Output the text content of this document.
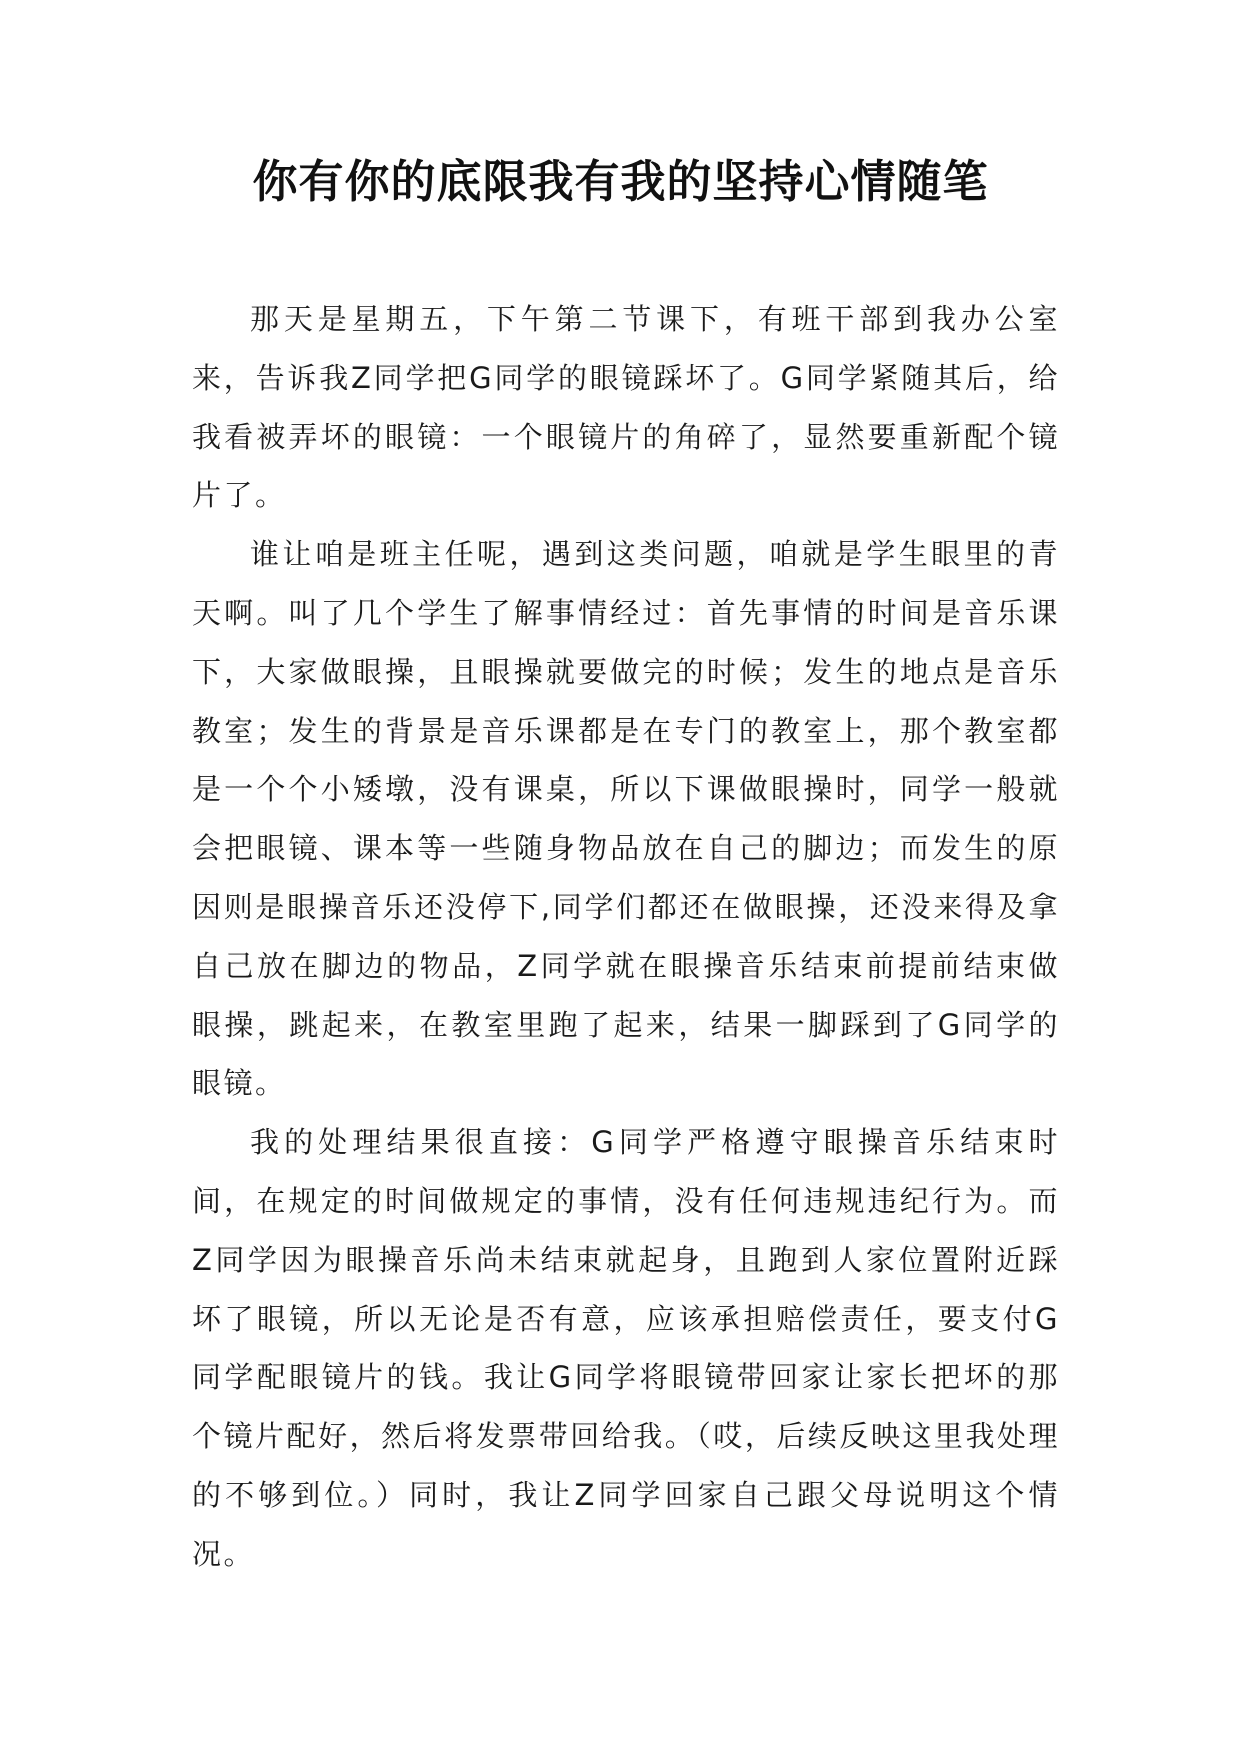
你有你的底限我有我的坚持心情随笔

那天是星期五，下午第二节课下，有班干部到我办公室来，告诉我Z同学把G同学的眼镜踩坏了。G同学紧随其后，给我看被弄坏的眼镜：一个眼镜片的角碎了，显然要重新配个镜片了。

谁让咱是班主任呢，遇到这类问题，咱就是学生眼里的青天啊。叫了几个学生了解事情经过：首先事情的时间是音乐课下，大家做眼操，且眼操就要做完的时候；发生的地点是音乐教室；发生的背景是音乐课都是在专门的教室上，那个教室都是一个个小矮墩，没有课桌，所以下课做眼操时，同学一般就会把眼镜、课本等一些随身物品放在自己的脚边；而发生的原因则是眼操音乐还没停下,同学们都还在做眼操，还没来得及拿自己放在脚边的物品，Z同学就在眼操音乐结束前提前结束做眼操，跳起来，在教室里跑了起来，结果一脚踩到了G同学的眼镜。

我的处理结果很直接：G同学严格遵守眼操音乐结束时间，在规定的时间做规定的事情，没有任何违规违纪行为。而Z同学因为眼操音乐尚未结束就起身，且跑到人家位置附近踩坏了眼镜，所以无论是否有意，应该承担赔偿责任，要支付G同学配眼镜片的钱。我让G同学将眼镜带回家让家长把坏的那个镜片配好，然后将发票带回给我。（哎，后续反映这里我处理的不够到位。）同时，我让Z同学回家自己跟父母说明这个情况。
